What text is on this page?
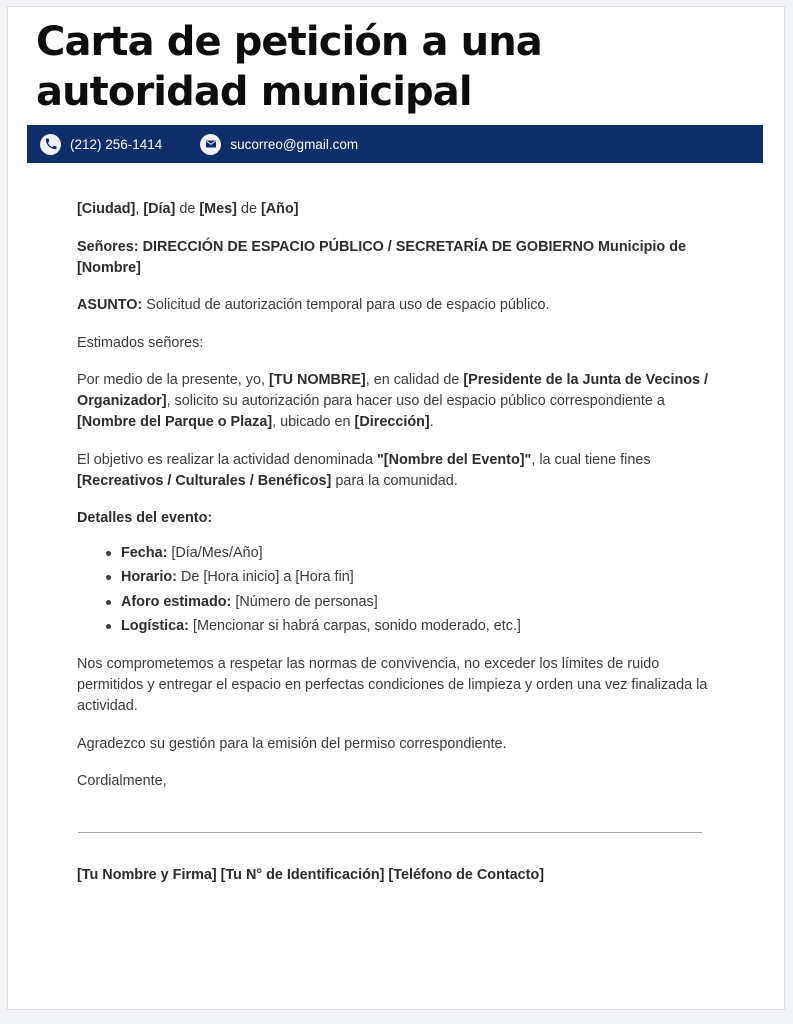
Carta de petición a una autoridad municipal
(212) 256-1414	sucorreo@gmail.com

[Ciudad], [Día] de [Mes] de [Año]

Señores: DIRECCIÓN DE ESPACIO PÚBLICO / SECRETARÍA DE GOBIERNO Municipio de [Nombre]

ASUNTO: Solicitud de autorización temporal para uso de espacio público.

Estimados señores:

Por medio de la presente, yo, [TU NOMBRE], en calidad de [Presidente de la Junta de Vecinos / Organizador], solicito su autorización para hacer uso del espacio público correspondiente a [Nombre del Parque o Plaza], ubicado en [Dirección].

El objetivo es realizar la actividad denominada "[Nombre del Evento]", la cual tiene fines [Recreativos / Culturales / Benéficos] para la comunidad.

Detalles del evento:

Fecha: [Día/Mes/Año]
Horario: De [Hora inicio] a [Hora fin]
Aforo estimado: [Número de personas]
Logística: [Mencionar si habrá carpas, sonido moderado, etc.]

Nos comprometemos a respetar las normas de convivencia, no exceder los límites de ruido permitidos y entregar el espacio en perfectas condiciones de limpieza y orden una vez finalizada la actividad.

Agradezco su gestión para la emisión del permiso correspondiente.

Cordialmente,

[Tu Nombre y Firma] [Tu N° de Identificación] [Teléfono de Contacto]
